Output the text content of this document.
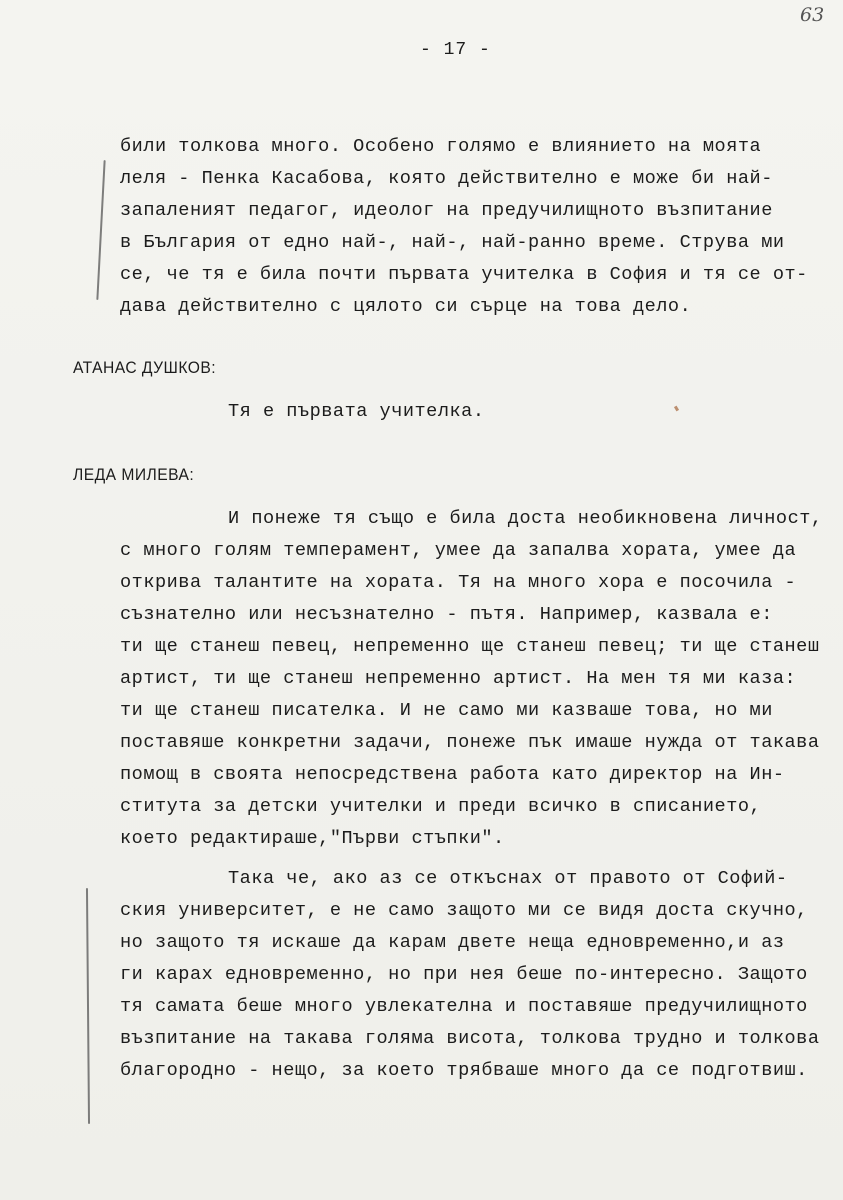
63
- 17 -
били толкова много. Особено голямо е влиянието на моята
леля - Пенка Касабова, която действително е може би най-
запаленият педагог, идеолог на предучилищното възпитание
в България от едно най-, най-, най-ранно време. Струва ми
се, че тя е била почти първата учителка в София и тя се от-
дава действително с цялото си сърце на това дело.
АТАНАС ДУШКОВ:
Тя е първата учителка.
ЛЕДА МИЛЕВА:
И понеже тя също е била доста необикновена личност,
с много голям темперамент, умее да запалва хората, умее да
открива талантите на хората. Тя на много хора е посочила -
съзнателно или несъзнателно - пътя. Например, казвала е:
ти ще станеш певец, непременно ще станеш певец; ти ще станеш
артист, ти ще станеш непременно артист. На мен тя ми каза:
ти ще станеш писателка. И не само ми казваше това, но ми
поставяше конкретни задачи, понеже пък имаше нужда от такава
помощ в своята непосредствена работа като директор на Ин-
ститута за детски учителки и преди всичко в списанието,
което редактираше,"Първи стъпки".
Така че, ако аз се откъснах от правото от Софий-
ския университет, е не само защото ми се видя доста скучно,
но защото тя искаше да карам двете неща едновременно,и аз
ги карах едновременно, но при нея беше по-интересно. Защото
тя самата беше много увлекателна и поставяше предучилищното
възпитание на такава голяма висота, толкова трудно и толкова
благородно - нещо, за което трябваше много да се подготвиш.
